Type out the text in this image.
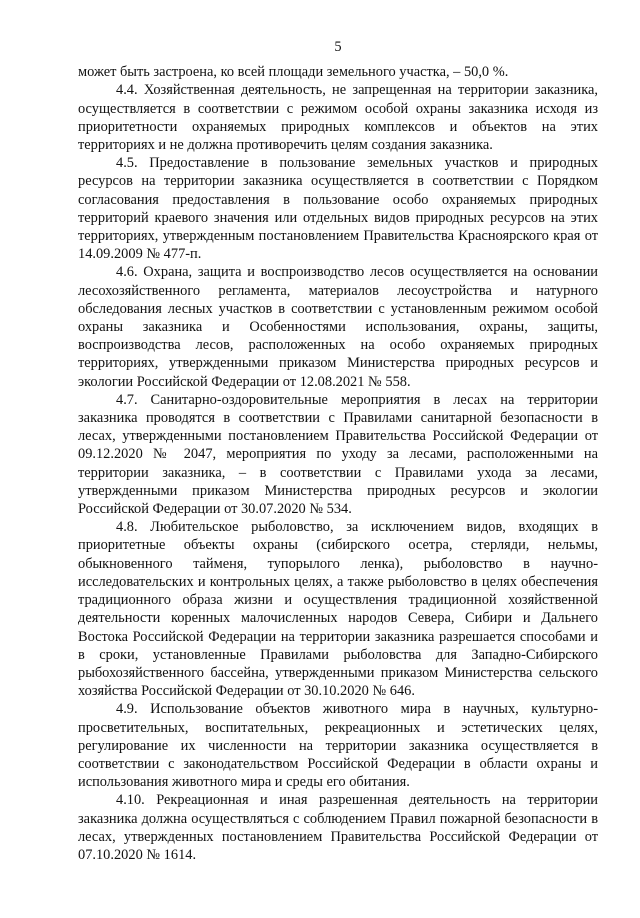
5

может быть застроена, ко всей площади земельного участка, – 50,0 %.

4.4. Хозяйственная деятельность, не запрещенная на территории заказника, осуществляется в соответствии с режимом особой охраны заказника исходя из приоритетности охраняемых природных комплексов и объектов на этих территориях и не должна противоречить целям создания заказника.

4.5. Предоставление в пользование земельных участков и природных ресурсов на территории заказника осуществляется в соответствии с Порядком согласования предоставления в пользование особо охраняемых природных территорий краевого значения или отдельных видов природных ресурсов на этих территориях, утвержденным постановлением Правительства Красноярского края от 14.09.2009 № 477-п.

4.6. Охрана, защита и воспроизводство лесов осуществляется на основании лесохозяйственного регламента, материалов лесоустройства и натурного обследования лесных участков в соответствии с установленным режимом особой охраны заказника и Особенностями использования, охраны, защиты, воспроизводства лесов, расположенных на особо охраняемых природных территориях, утвержденными приказом Министерства природных ресурсов и экологии Российской Федерации от 12.08.2021 № 558.

4.7. Санитарно-оздоровительные мероприятия в лесах на территории заказника проводятся в соответствии с Правилами санитарной безопасности в лесах, утвержденными постановлением Правительства Российской Федерации от 09.12.2020 № 2047, мероприятия по уходу за лесами, расположенными на территории заказника, – в соответствии с Правилами ухода за лесами, утвержденными приказом Министерства природных ресурсов и экологии Российской Федерации от 30.07.2020 № 534.

4.8. Любительское рыболовство, за исключением видов, входящих в приоритетные объекты охраны (сибирского осетра, стерляди, нельмы, обыкновенного тайменя, тупорылого ленка), рыболовство в научно-исследовательских и контрольных целях, а также рыболовство в целях обеспечения традиционного образа жизни и осуществления традиционной хозяйственной деятельности коренных малочисленных народов Севера, Сибири и Дальнего Востока Российской Федерации на территории заказника разрешается способами и в сроки, установленные Правилами рыболовства для Западно-Сибирского рыбохозяйственного бассейна, утвержденными приказом Министерства сельского хозяйства Российской Федерации от 30.10.2020 № 646.

4.9. Использование объектов животного мира в научных, культурно-просветительных, воспитательных, рекреационных и эстетических целях, регулирование их численности на территории заказника осуществляется в соответствии с законодательством Российской Федерации в области охраны и использования животного мира и среды его обитания.

4.10. Рекреационная и иная разрешенная деятельность на территории заказника должна осуществляться с соблюдением Правил пожарной безопасности в лесах, утвержденных постановлением Правительства Российской Федерации от 07.10.2020 № 1614.
